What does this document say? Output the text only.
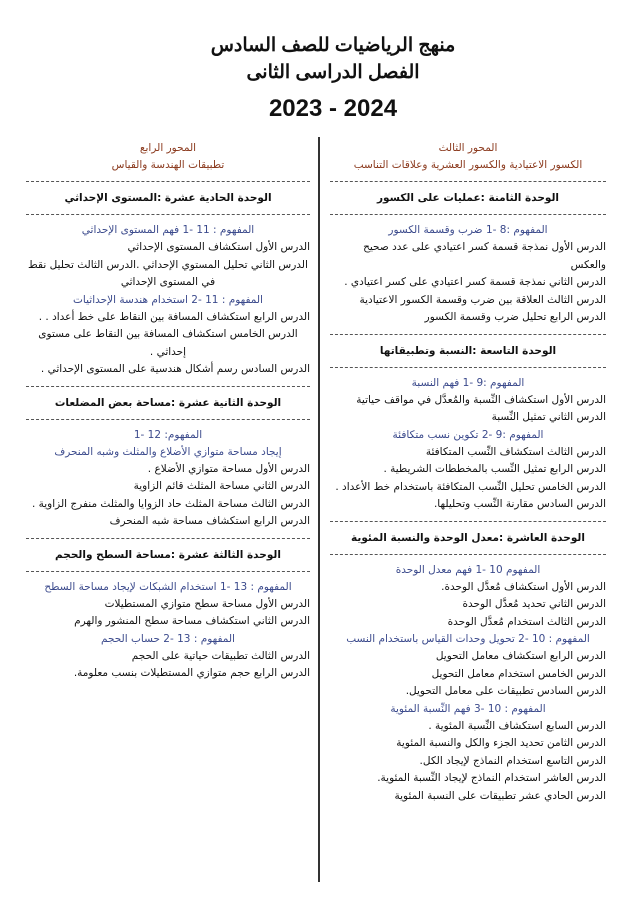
منهج الرياضيات للصف السادس
الفصل الدراسى الثانى
2023 - 2024
المحور الثالث
الكسور الاعتيادية والكسور العشرية وعلاقات التناسب
الوحدة الثامنة :عمليات على الكسور
المفهوم :8 -1 ضرب وقسمة الكسور
الدرس الأول نمذجة قسمة كسر اعتيادي على عدد صحيح والعكس
الدرس الثاني نمذجة قسمة كسر اعتيادي على كسر اعتيادي .
الدرس الثالث العلاقة بين ضرب وقسمة الكسور الاعتيادية
الدرس الرابع تحليل ضرب وقسمة الكسور
الوحدة التاسعة :النسبة وتطبيقاتها
المفهوم :9 -1 فهم النسبة
الدرس الأول استكشاف النِّسبة والمُعدَّل في مواقف حياتية
الدرس الثاني تمثيل النِّسبة
المفهوم :9 -2 تكوين نسب متكافئة
الدرس الثالث استكشاف النِّسب المتكافئة
الدرس الرابع تمثيل النِّسب بالمخططات الشريطية .
الدرس الخامس تحليل النِّسب المتكافئة باستخدام خط الأعداد .
الدرس السادس مقارنة النِّسب وتحليلها.
الوحدة العاشرة :معدل الوحدة والنسبة المئوية
المفهوم 10 -1 فهم معدل الوحدة
الدرس الأول استكشاف مُعدَّل الوحدة.
الدرس الثاني تحديد مُعدَّل الوحدة
الدرس الثالث استخدام مُعدَّل الوحدة
المفهوم : 10 -2 تحويل وحدات القياس باستخدام النسب
الدرس الرابع استكشاف معامل التحويل
الدرس الخامس استخدام معامل التحويل
الدرس السادس تطبيقات على معامل التحويل.
المفهوم : 10 -3 فهم النِّسبة المئوية
الدرس السابع استكشاف النِّسبة المئوية .
الدرس الثامن تحديد الجزء والكل والنسبة المئوية
الدرس التاسع استخدام النماذج لإيجاد الكل.
الدرس العاشر استخدام النماذج لإيجاد النِّسبة المئوية.
الدرس الحادي عشر تطبيقات على النسبة المئوية
المحور الرابع
تطبيقات الهندسة والقياس
الوحدة الحادية عشرة :المستوى الإحداثي
المفهوم : 11 -1 فهم المستوى الإحداثي
الدرس الأول استكشاف المستوى الإحداثي
الدرس الثاني تحليل المستوي الإحداثي .الدرس الثالث تحليل نقط في المستوى الإحداثي
المفهوم : 11 -2 استخدام هندسة الإحداثيات
الدرس الرابع استكشاف المسافة بين النقاط على خط أعداد . .
الدرس الخامس استكشاف المسافة بين النقاط على مستوى إحداثي .
الدرس السادس رسم أشكال هندسية على المستوى الإحداثي .
الوحدة الثانية عشرة :مساحة بعض المضلعات
المفهوم: 12 -1
إيجاد مساحة متوازي الأضلاع والمثلث وشبه المنحرف
الدرس الأول مساحة متوازي الأضلاع .
الدرس الثاني مساحة المثلث قائم الزاوية
الدرس الثالث مساحة المثلث حاد الزوايا والمثلث منفرج الزاوية .
الدرس الرابع استكشاف مساحة شبه المنحرف
الوحدة الثالثة عشرة :مساحة السطح والحجم
المفهوم : 13 -1 استخدام الشبكات لإيجاد مساحة السطح
الدرس الأول مساحة سطح متوازي المستطيلات
الدرس الثاني استكشاف مساحة سطح المنشور والهرم
المفهوم : 13 -2 حساب الحجم
الدرس الثالث تطبيقات حياتية على الحجم
الدرس الرابع حجم متوازي المستطيلات بنسب معلومة.
